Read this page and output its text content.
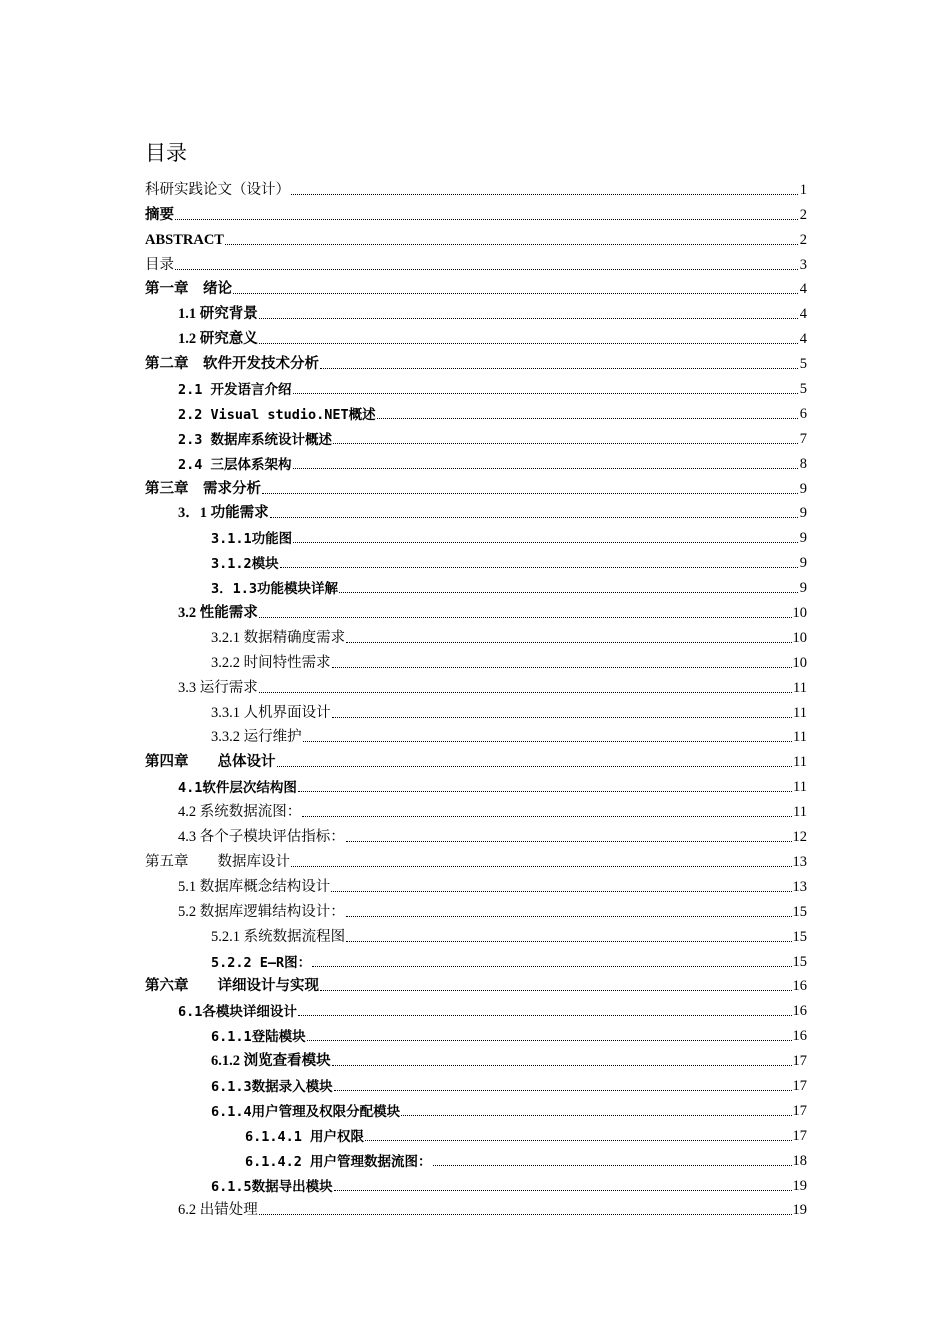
目录
科研实践论文（设计）	1
摘要	2
ABSTRACT	2
目录	3
第一章　绪论	4
1.1 研究背景	4
1.2 研究意义	4
第二章　软件开发技术分析	5
2.1 开发语言介绍	5
2.2 Visual studio.NET概述	6
2.3 数据库系统设计概述	7
2.4 三层体系架构	8
第三章　需求分析	9
3．1 功能需求	9
3.1.1功能图	9
3.1.2模块	9
3．1.3功能模块详解	9
3.2 性能需求	10
3.2.1 数据精确度需求	10
3.2.2 时间特性需求	10
3.3 运行需求	11
3.3.1 人机界面设计	11
3.3.2 运行维护	11
第四章　　总体设计	11
4.1软件层次结构图	11
4.2 系统数据流图：	11
4.3 各个子模块评估指标：	12
第五章　　数据库设计	13
5.1 数据库概念结构设计	13
5.2 数据库逻辑结构设计：	15
5.2.1 系统数据流程图	15
5.2.2 E—R图：	15
第六章　　详细设计与实现	16
6.1各模块详细设计	16
6.1.1登陆模块	16
6.1.2 浏览查看模块	17
6.1.3数据录入模块	17
6.1.4用户管理及权限分配模块	17
6.1.4.1 用户权限	17
6.1.4.2 用户管理数据流图：	18
6.1.5数据导出模块	19
6.2 出错处理	19
